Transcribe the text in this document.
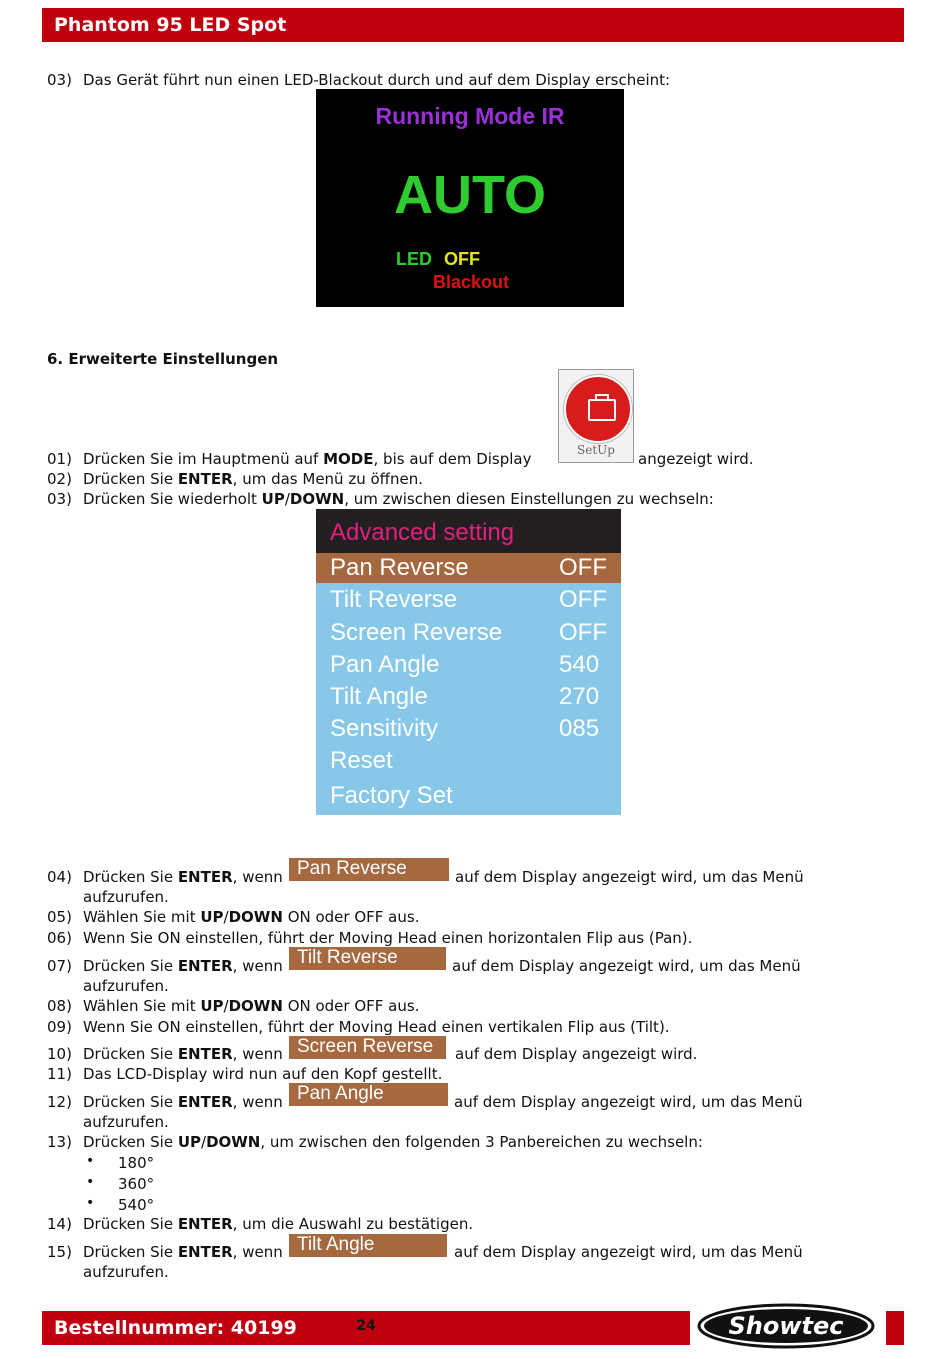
Phantom 95 LED Spot
03) Das Gerät führt nun einen LED-Blackout durch und auf dem Display erscheint:
Running Mode IR
AUTO
LED OFF
Blackout
6. Erweiterte Einstellungen
SetUp
01) Drücken Sie im Hauptmenü auf MODE, bis auf dem Display	angezeigt wird.
02) Drücken Sie ENTER, um das Menü zu öffnen.
03) Drücken Sie wiederholt UP/DOWN, um zwischen diesen Einstellungen zu wechseln:
Advanced setting
Pan Reverse	OFF
Tilt Reverse	OFF
Screen Reverse OFF
Pan Angle	540
Tilt Angle	270
Sensitivity	085
Reset
Factory Set
04) Drücken Sie ENTER, wenn Pan Reverse	auf dem Display angezeigt wird, um das Menü
aufzurufen.
05) Wählen Sie mit UP/DOWN ON oder OFF aus.
06) Wenn Sie ON einstellen, führt der Moving Head einen horizontalen Flip aus (Pan).
07) Drücken Sie ENTER, wenn Tilt Reverse	auf dem Display angezeigt wird, um das Menü
aufzurufen.
08) Wählen Sie mit UP/DOWN ON oder OFF aus.
09) Wenn Sie ON einstellen, führt der Moving Head einen vertikalen Flip aus (Tilt).
10) Drücken Sie ENTER, wenn Screen Reverse	auf dem Display angezeigt wird.
11) Das LCD-Display wird nun auf den Kopf gestellt.
12) Drücken Sie ENTER, wenn Pan Angle	auf dem Display angezeigt wird, um das Menü
aufzurufen.
13) Drücken Sie UP/DOWN, um zwischen den folgenden 3 Panbereichen zu wechseln:
• 180°
• 360°
• 540°
14) Drücken Sie ENTER, um die Auswahl zu bestätigen.
15) Drücken Sie ENTER, wenn Tilt Angle	auf dem Display angezeigt wird, um das Menü
aufzurufen.
Bestellnummer: 40199	24	Showtec
